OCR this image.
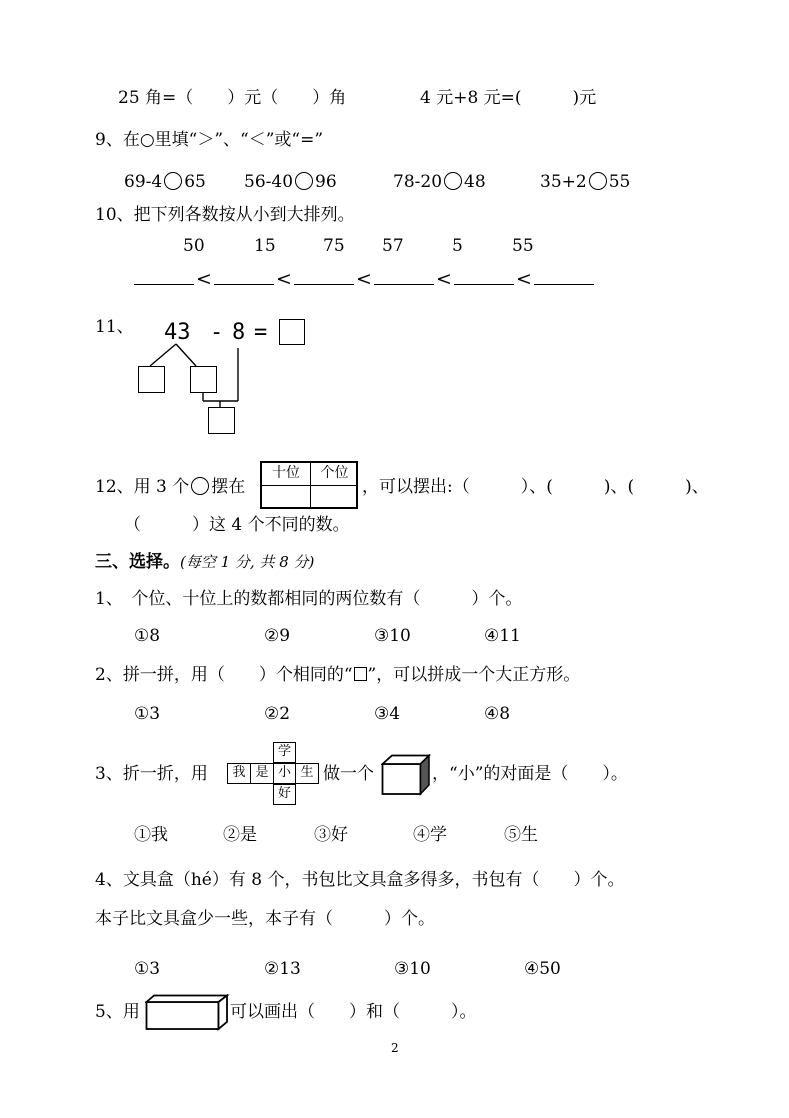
25 角=（　　）元（　　）角	4 元+8 元=(　　　)元
9、在○里填“＞”、“＜”或“=”
69-4 65 56-40 96	78-20 48	35+2 55
10、把下列各数按从小到大排列。
50	15	75 57	5	55
<	<	<	<	<
11、 43 - 8 =
12、用 3 个 摆在
十位	个位
，可以摆出:（　　　）、(　　　)、(　　　)、
（　　　）这 4 个不同的数。
三、选择。(每空 1 分, 共 8 分)
1、　个位、十位上的数都相同的两位数有（　　　）个。
①8	②9	③10	④11
2、拼一拼，用（　　）个相同的“ ”，可以拼成一个大正方形。
①3	②2	③4	④8
3、折一折，用
学
我 是 小 生
好
做一个	，“小”的对面是（　　）。
①我	②是	③好	④学	⑤生
4、文具盒（hé）有 8 个，书包比文具盒多得多，书包有（　　）个。
本子比文具盒少一些，本子有（　　　）个。
①3	②13	③10	④50
5、用	可以画出（　　）和（　　　）。
2
